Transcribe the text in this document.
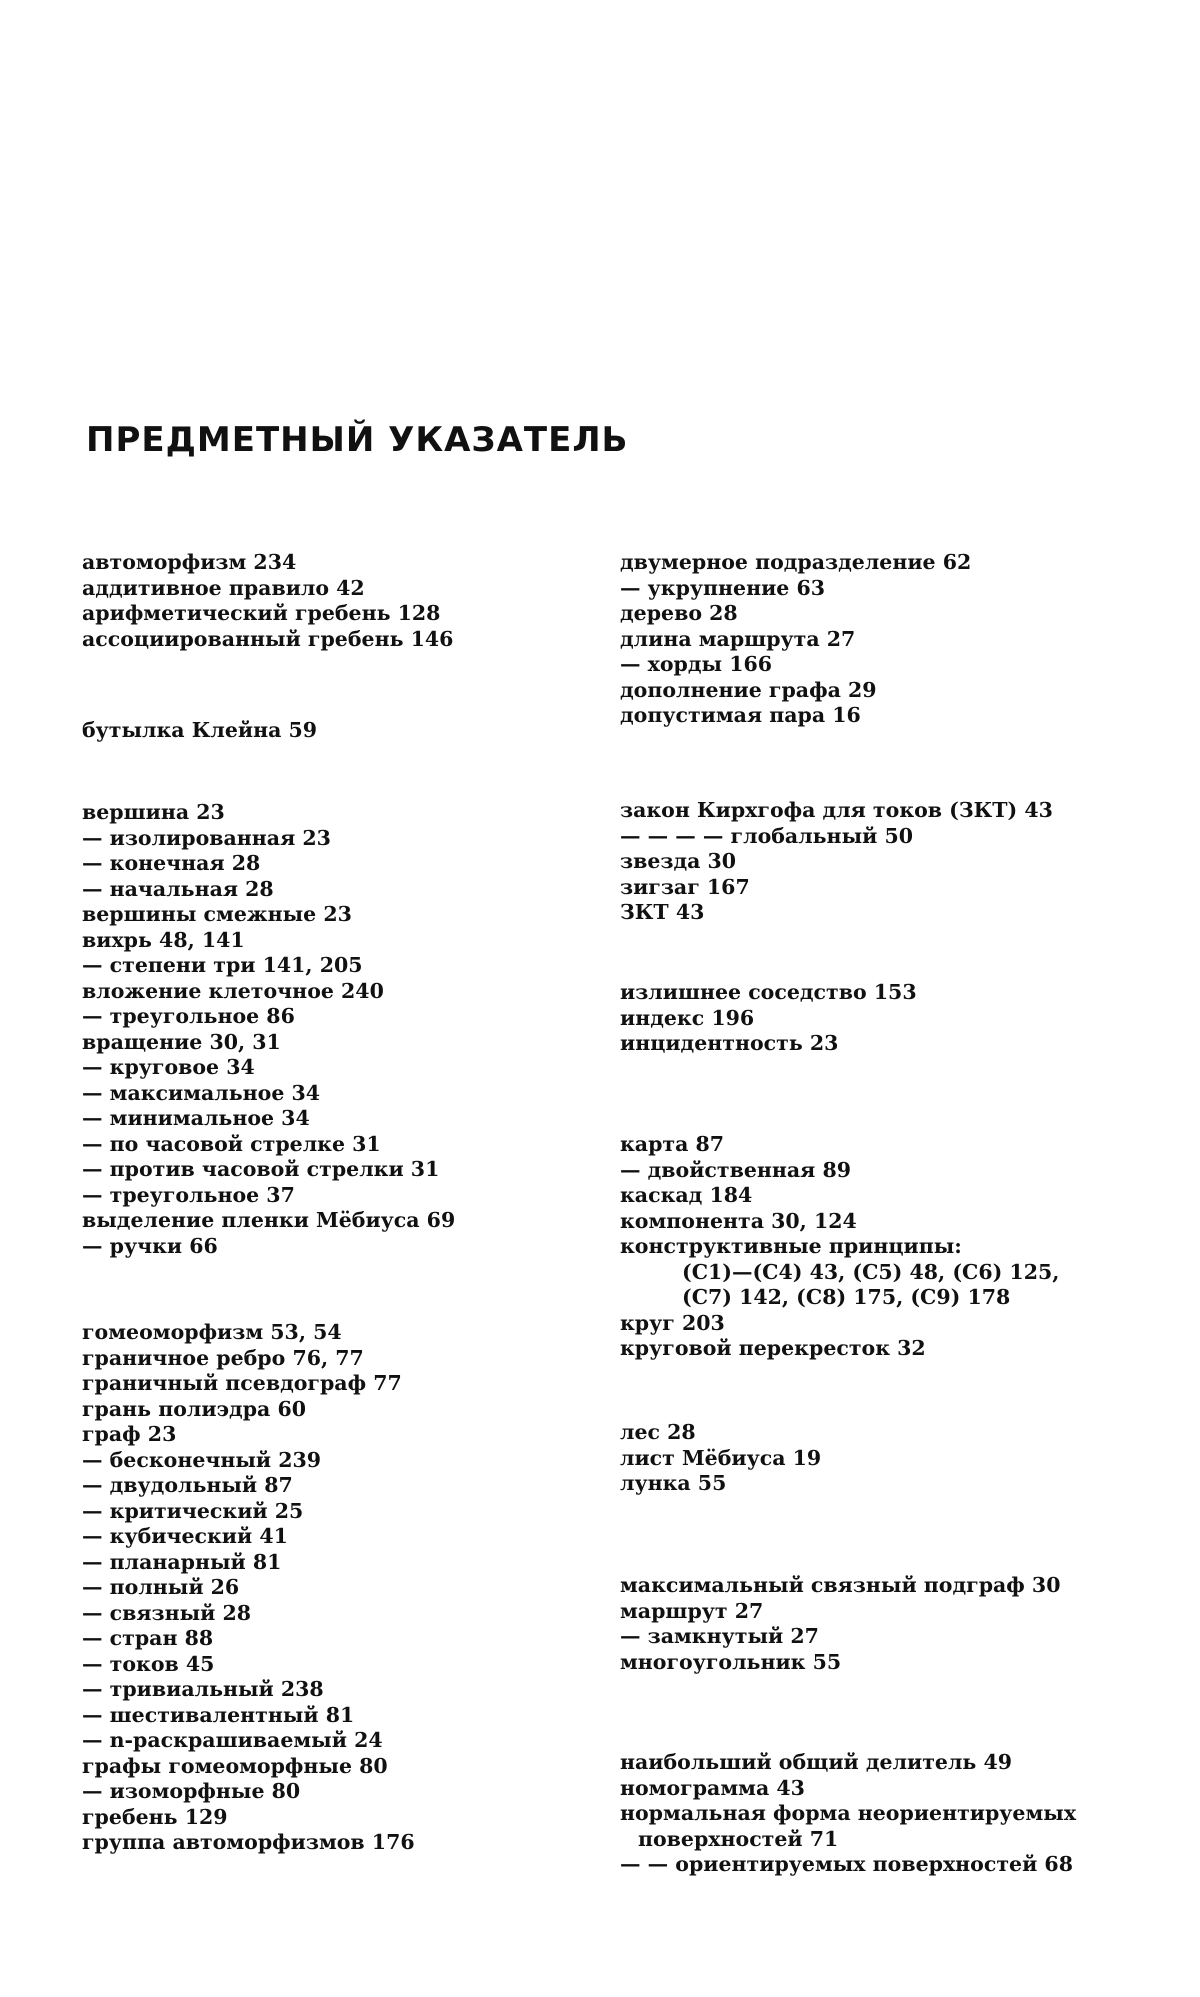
ПРЕДМЕТНЫЙ УКАЗАТЕЛЬ
автоморфизм 234
аддитивное правило 42
арифметический гребень 128
ассоциированный гребень 146
бутылка Клейна 59
вершина 23
— изолированная 23
— конечная 28
— начальная 28
вершины смежные 23
вихрь 48, 141
— степени три 141, 205
вложение клеточное 240
— треугольное 86
вращение 30, 31
— круговое 34
— максимальное 34
— минимальное 34
— по часовой стрелке 31
— против часовой стрелки 31
— треугольное 37
выделение пленки Мёбиуса 69
— ручки 66
гомеоморфизм 53, 54
граничное ребро 76, 77
граничный псевдограф 77
грань полиэдра 60
граф 23
— бесконечный 239
— двудольный 87
— критический 25
— кубический 41
— планарный 81
— полный 26
— связный 28
— стран 88
— токов 45
— тривиальный 238
— шестивалентный 81
— n-раскрашиваемый 24
графы гомеоморфные 80
— изоморфные 80
гребень 129
группа автоморфизмов 176
двумерное подразделение 62
— укрупнение 63
дерево 28
длина маршрута 27
— хорды 166
дополнение графа 29
допустимая пара 16
закон Кирхгофа для токов (ЗКТ) 43
— — — — глобальный 50
звезда 30
зигзаг 167
ЗКТ 43
излишнее соседство 153
индекс 196
инцидентность 23
карта 87
— двойственная 89
каскад 184
компонента 30, 124
конструктивные принципы:
(С1)—(С4) 43, (С5) 48, (С6) 125,
(С7) 142, (С8) 175, (С9) 178
круг 203
круговой перекресток 32
лес 28
лист Мёбиуса 19
лунка 55
максимальный связный подграф 30
маршрут 27
— замкнутый 27
многоугольник 55
наибольший общий делитель 49
номограмма 43
нормальная форма неориентируемых
поверхностей 71
— — ориентируемых поверхностей 68
